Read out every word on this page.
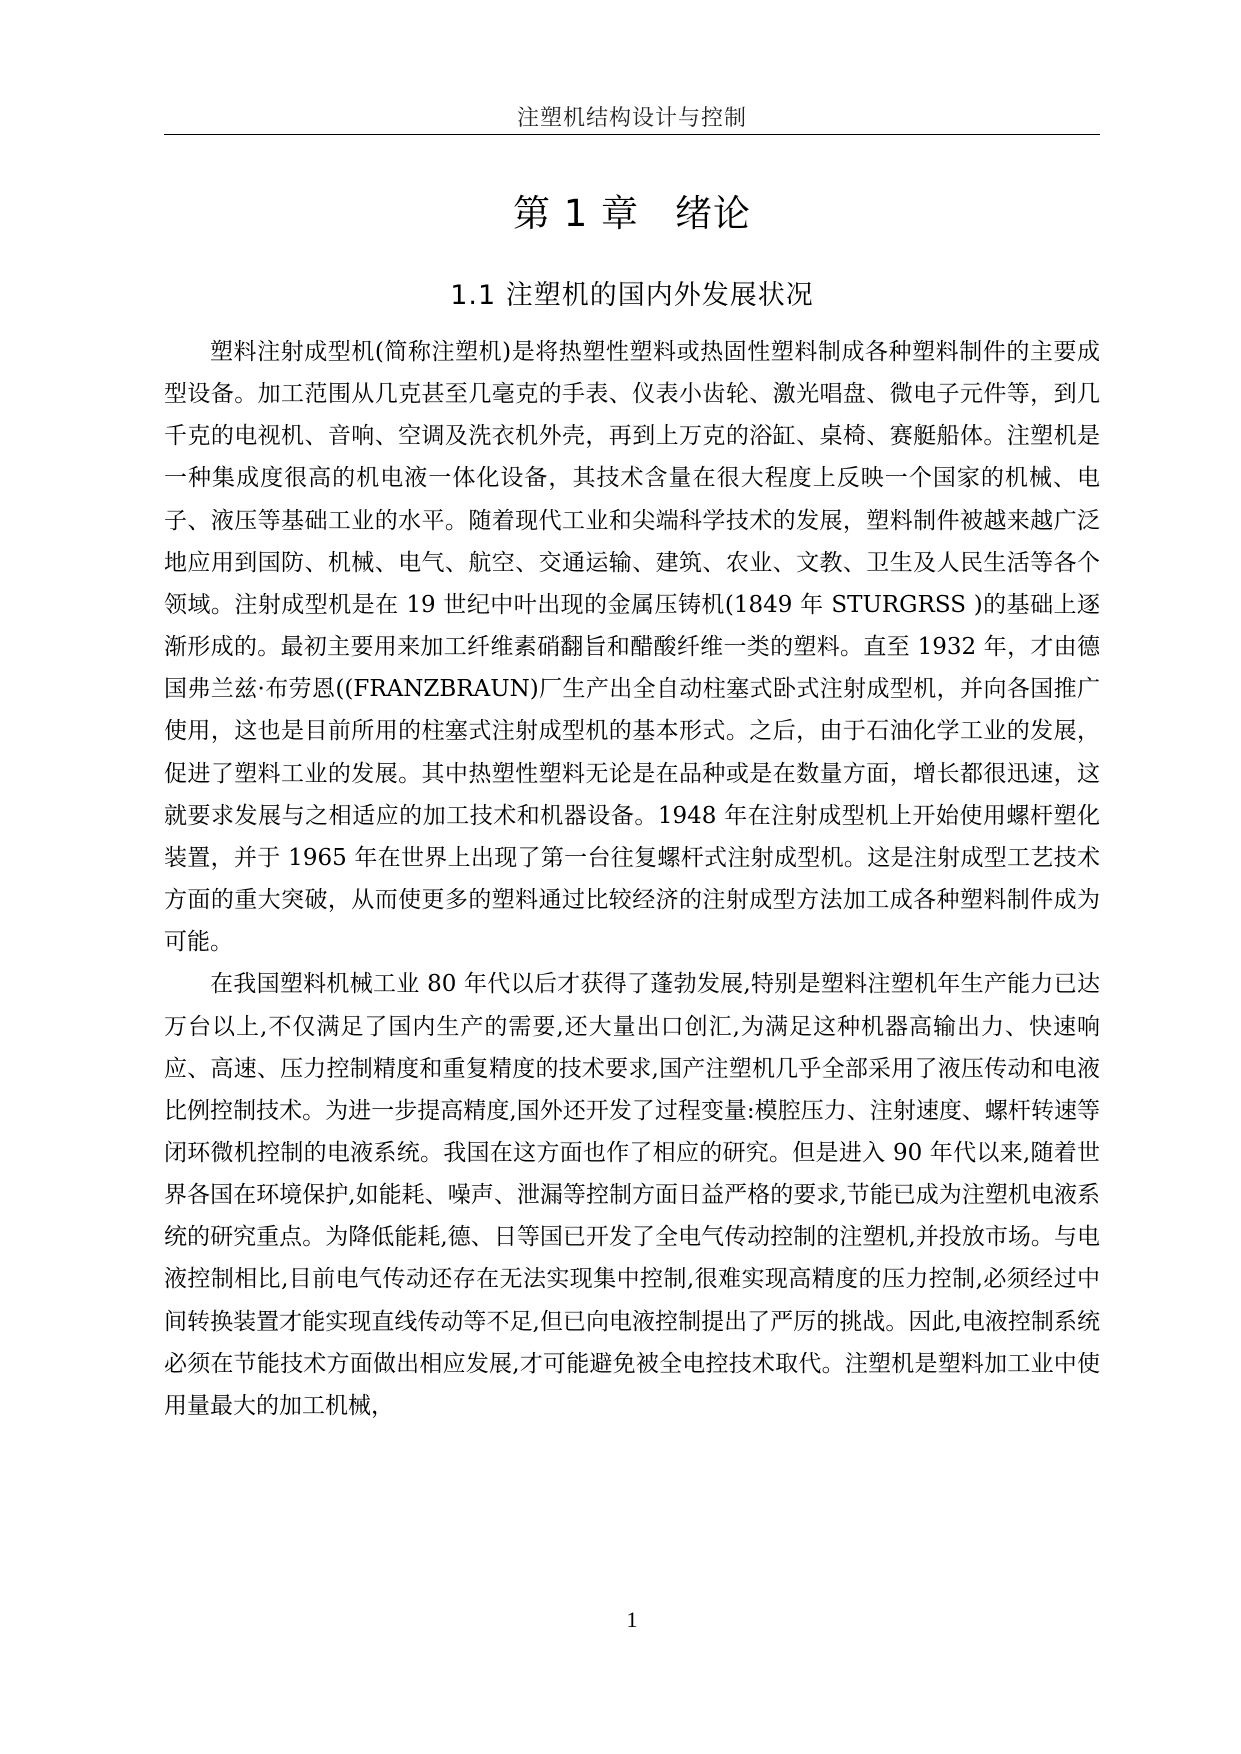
注塑机结构设计与控制
第 1 章 绪论
1.1 注塑机的国内外发展状况

塑料注射成型机(简称注塑机)是将热塑性塑料或热固性塑料制成各种塑料制件的主要成型设备。加工范围从几克甚至几毫克的手表、仪表小齿轮、激光唱盘、微电子元件等，到几千克的电视机、音响、空调及洗衣机外壳，再到上万克的浴缸、桌椅、赛艇船体。注塑机是一种集成度很高的机电液一体化设备，其技术含量在很大程度上反映一个国家的机械、电子、液压等基础工业的水平。随着现代工业和尖端科学技术的发展，塑料制件被越来越广泛地应用到国防、机械、电气、航空、交通运输、建筑、农业、文教、卫生及人民生活等各个领域。注射成型机是在 19 世纪中叶出现的金属压铸机(1849 年 STURGRSS )的基础上逐渐形成的。最初主要用来加工纤维素硝翻旨和醋酸纤维一类的塑料。直至 1932 年，才由德国弗兰兹·布劳恩((FRANZBRAUN)厂生产出全自动柱塞式卧式注射成型机，并向各国推广使用，这也是目前所用的柱塞式注射成型机的基本形式。之后，由于石油化学工业的发展，促进了塑料工业的发展。其中热塑性塑料无论是在品种或是在数量方面，增长都很迅速，这就要求发展与之相适应的加工技术和机器设备。1948 年在注射成型机上开始使用螺杆塑化装置，并于 1965 年在世界上出现了第一台往复螺杆式注射成型机。这是注射成型工艺技术方面的重大突破，从而使更多的塑料通过比较经济的注射成型方法加工成各种塑料制件成为可能。

在我国塑料机械工业 80 年代以后才获得了蓬勃发展,特别是塑料注塑机年生产能力已达万台以上,不仅满足了国内生产的需要,还大量出口创汇,为满足这种机器高输出力、快速响应、高速、压力控制精度和重复精度的技术要求,国产注塑机几乎全部采用了液压传动和电液比例控制技术。为进一步提高精度,国外还开发了过程变量:模腔压力、注射速度、螺杆转速等闭环微机控制的电液系统。我国在这方面也作了相应的研究。但是进入 90 年代以来,随着世界各国在环境保护,如能耗、噪声、泄漏等控制方面日益严格的要求,节能已成为注塑机电液系统的研究重点。为降低能耗,德、日等国已开发了全电气传动控制的注塑机,并投放市场。与电液控制相比,目前电气传动还存在无法实现集中控制,很难实现高精度的压力控制,必须经过中间转换装置才能实现直线传动等不足,但已向电液控制提出了严厉的挑战。因此,电液控制系统必须在节能技术方面做出相应发展,才可能避免被全电控技术取代。注塑机是塑料加工业中使用量最大的加工机械，

1
